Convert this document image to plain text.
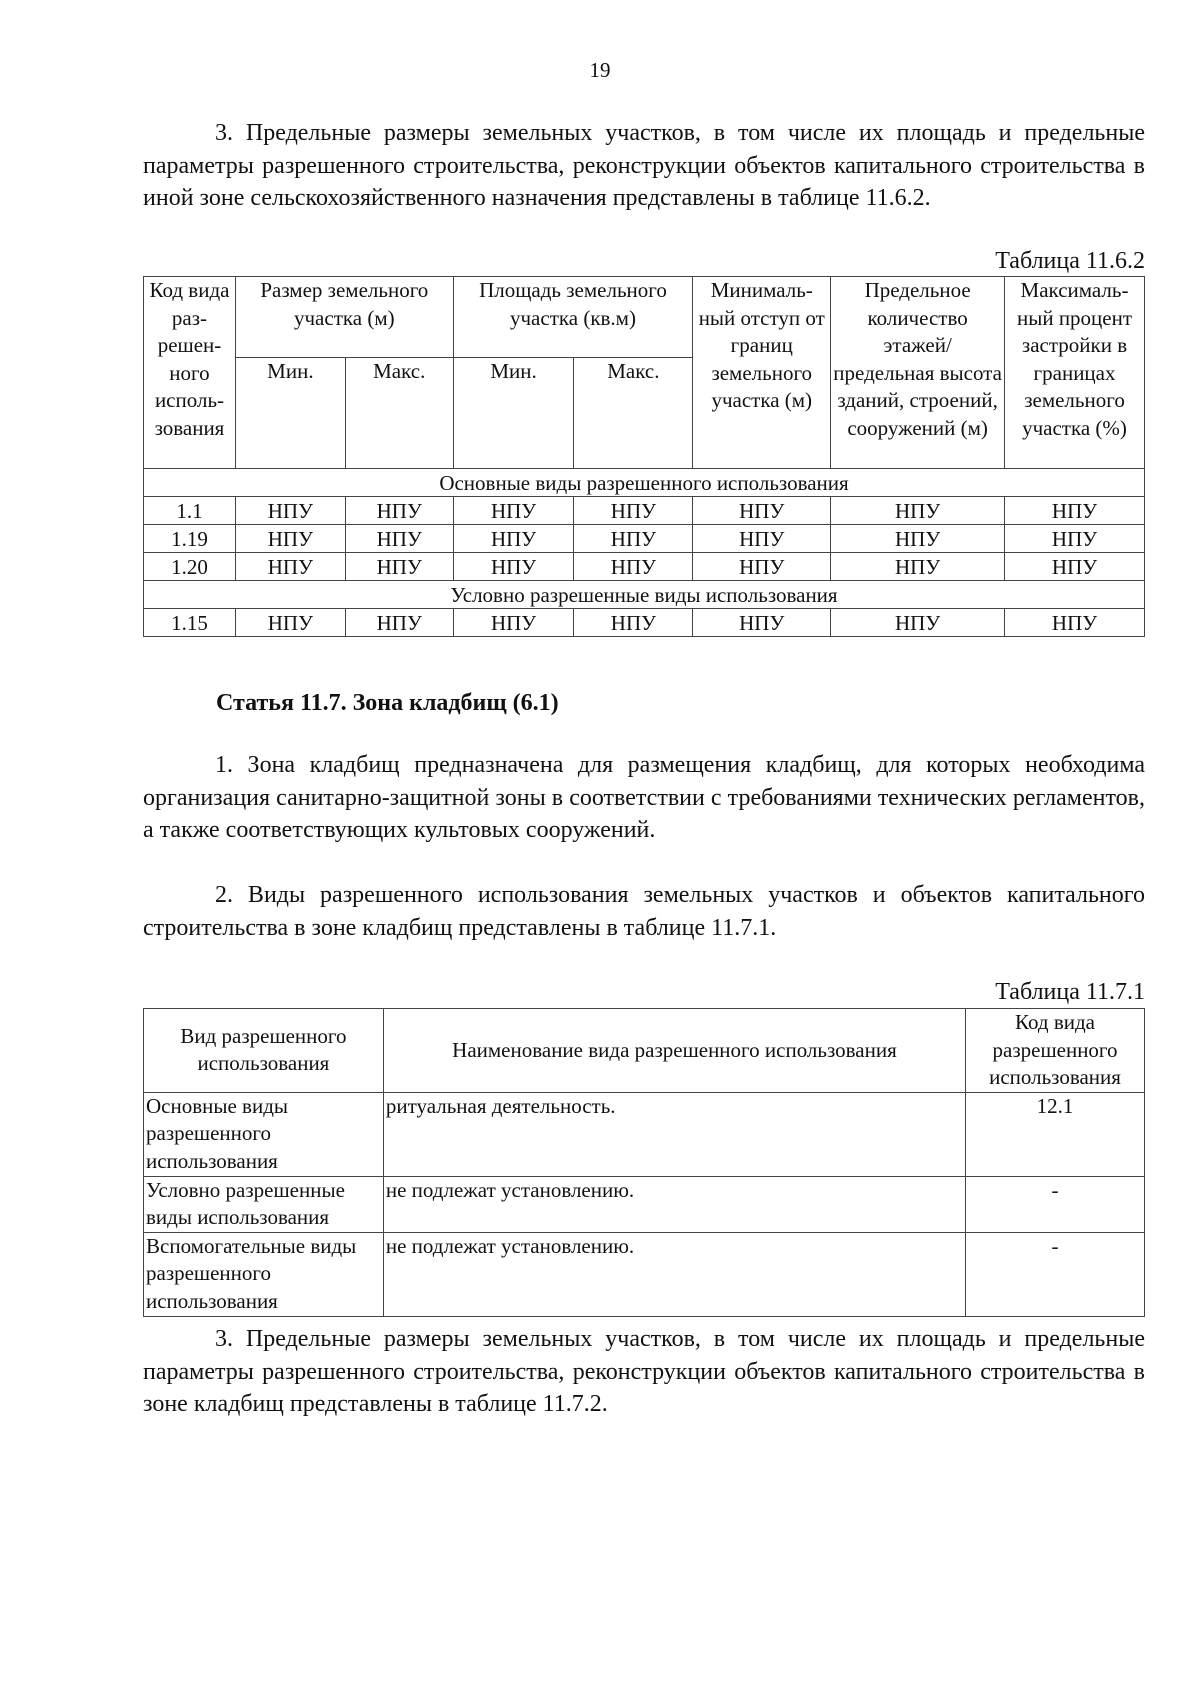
19

3. Предельные размеры земельных участков, в том числе их площадь и предельные параметры разрешенного строительства, реконструкции объектов капитального строительства в иной зоне сельскохозяйственного назначения представлены в таблице 11.6.2.

Таблица 11.6.2
Код вида раз-решен-ного исполь-зования	Размер земельного участка (м)		Площадь земельного участка (кв.м)		Минималь-ный отступ от границ земельного участка (м)	Предельное количество этажей/ предельная высота зданий, строений, сооружений (м)	Максималь-ный процент застройки в границах земельного участка (%)
	Мин.	Макс.	Мин.	Макс.			
Основные виды разрешенного использования							
1.1	НПУ	НПУ	НПУ	НПУ	НПУ	НПУ	НПУ
1.19	НПУ	НПУ	НПУ	НПУ	НПУ	НПУ	НПУ
1.20	НПУ	НПУ	НПУ	НПУ	НПУ	НПУ	НПУ
Условно разрешенные виды использования							
1.15	НПУ	НПУ	НПУ	НПУ	НПУ	НПУ	НПУ
Статья 11.7. Зона кладбищ (6.1)

1. Зона кладбищ предназначена для размещения кладбищ, для которых необходима организация санитарно-защитной зоны в соответствии с требованиями технических регламентов, а также соответствующих культовых сооружений.

2. Виды разрешенного использования земельных участков и объектов капитального строительства в зоне кладбищ представлены в таблице 11.7.1.

Таблица 11.7.1
Вид разрешенного использования	Наименование вида разрешенного использования	Код вида разрешенного использования
Основные виды разрешенного использования	ритуальная деятельность.	12.1
Условно разрешенные виды использования	не подлежат установлению.	-
Вспомогательные виды разрешенного использования	не подлежат установлению.	-

3. Предельные размеры земельных участков, в том числе их площадь и предельные параметры разрешенного строительства, реконструкции объектов капитального строительства в зоне кладбищ представлены в таблице 11.7.2.
